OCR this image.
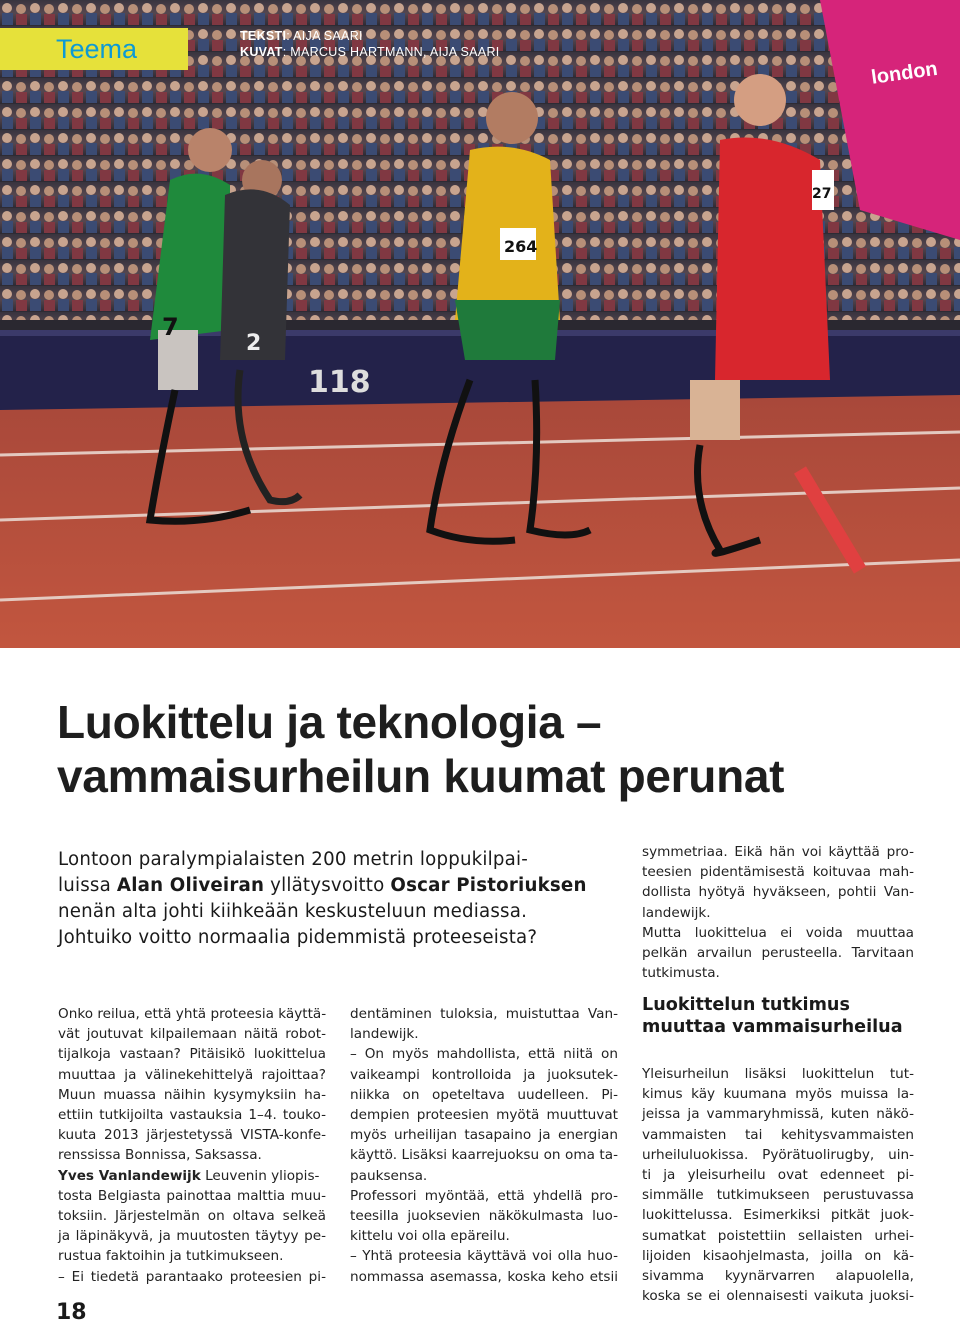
118
london
7
2
264
27
Teema	TEKSTI: AIJA SAARI
KUVAT: MARCUS HARTMANN, AIJA SAARI
Luokittelu ja teknologia –
vammaisurheilun kuumat perunat

Lontoon paralympialaisten 200 metrin loppukilpai-
luissa Alan Oliveiran yllätysvoitto Oscar Pistoriuksen
nenän alta johti kiihkeään keskusteluun mediassa.
Johtuiko voitto normaalia pidemmistä proteeseista?

Onko reilua, että yhtä proteesia käyttä-
vät joutuvat kilpailemaan näitä robot-
tijalkoja vastaan? Pitäisikö luokittelua
muuttaa ja välinekehittelyä rajoittaa?
Muun muassa näihin kysymyksiin ha-
ettiin tutkijoilta vastauksia 1–4. touko-
kuuta 2013 järjestetyssä VISTA-konfe-
renssissa Bonnissa, Saksassa.
Yves Vanlandewijk Leuvenin yliopis-
tosta Belgiasta painottaa malttia muu-
toksiin. Järjestelmän on oltava selkeä
ja läpinäkyvä, ja muutosten täytyy pe-
rustua faktoihin ja tutkimukseen.
– Ei tiedetä parantaako proteesien pi-
dentäminen tuloksia, muistuttaa Van-
landewijk.
– On myös mahdollista, että niitä on
vaikeampi kontrolloida ja juoksutek-
niikka on opeteltava uudelleen. Pi-
dempien proteesien myötä muuttuvat
myös urheilijan tasapaino ja energian
käyttö. Lisäksi kaarrejuoksu on oma ta-
pauksensa.
Professori myöntää, että yhdellä pro-
teesilla juoksevien näkökulmasta luo-
kittelu voi olla epäreilu.
– Yhtä proteesia käyttävä voi olla huo-
nommassa asemassa, koska keho etsii
symmetriaa. Eikä hän voi käyttää pro-
teesien pidentämisestä koituvaa mah-
dollista hyötyä hyväkseen, pohtii Van-
landewijk.
Mutta luokittelua ei voida muuttaa
pelkän arvailun perusteella. Tarvitaan
tutkimusta.
Luokittelun tutkimus
muuttaa vammaisurheilua
Yleisurheilun lisäksi luokittelun tut-
kimus käy kuumana myös muissa la-
jeissa ja vammaryhmissä, kuten näkö-
vammaisten tai kehitysvammaisten
urheiluluokissa. Pyörätuolirugby, uin-
ti ja yleisurheilu ovat edenneet pi-
simmälle tutkimukseen perustuvassa
luokittelussa. Esimerkiksi pitkät juok-
sumatkat poistettiin sellaisten urhei-
lijoiden kisaohjelmasta, joilla on kä-
sivamma kyynärvarren alapuolella,
koska se ei olennaisesti vaikuta juoksi-
18
